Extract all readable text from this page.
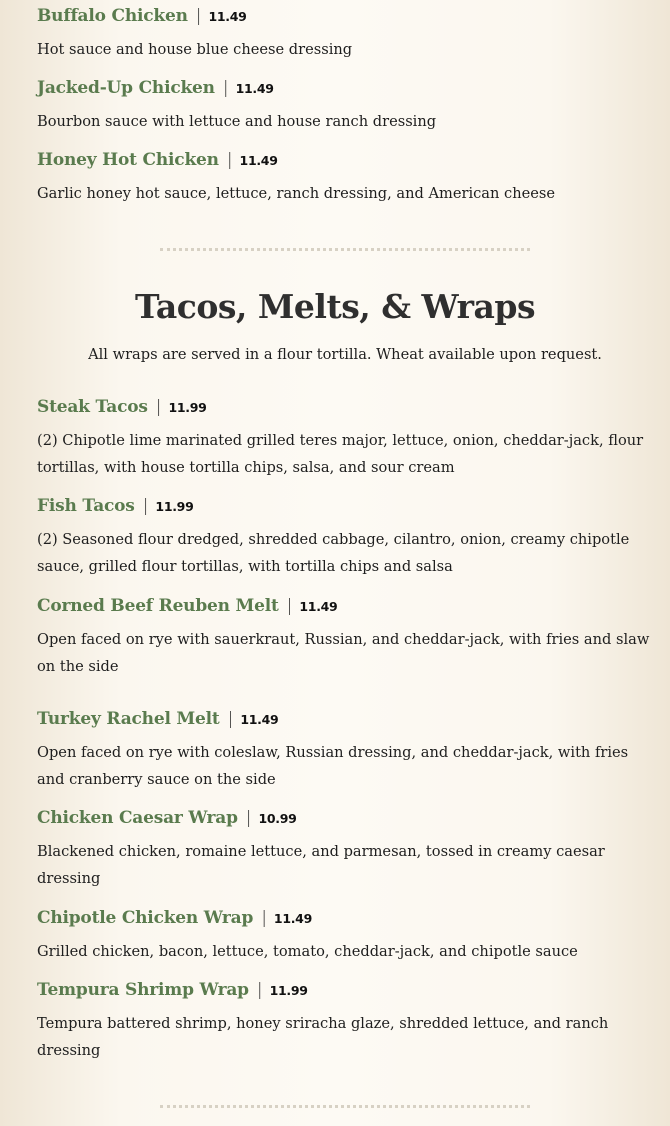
Buffalo Chicken | 11.49
Hot sauce and house blue cheese dressing
Jacked-Up Chicken | 11.49
Bourbon sauce with lettuce and house ranch dressing
Honey Hot Chicken | 11.49
Garlic honey hot sauce, lettuce, ranch dressing, and American cheese
Steak Tacos | 11.99
(2) Chipotle lime marinated grilled teres major, lettuce, onion, cheddar-jack, flour tortillas, with house tortilla chips, salsa, and sour cream
Fish Tacos | 11.99
(2) Seasoned flour dredged, shredded cabbage, cilantro, onion, creamy chipotle sauce, grilled flour tortillas, with tortilla chips and salsa
Corned Beef Reuben Melt | 11.49
Open faced on rye with sauerkraut, Russian, and cheddar-jack, with fries and slaw on the side
Turkey Rachel Melt | 11.49
Open faced on rye with coleslaw, Russian dressing, and cheddar-jack, with fries and cranberry sauce on the side
Chicken Caesar Wrap | 10.99
Blackened chicken, romaine lettuce, and parmesan, tossed in creamy caesar dressing
Chipotle Chicken Wrap | 11.49
Grilled chicken, bacon, lettuce, tomato, cheddar-jack, and chipotle sauce
Tempura Shrimp Wrap | 11.99
Tempura battered shrimp, honey sriracha glaze, shredded lettuce, and ranch dressing
Tacos, Melts, & Wraps
All wraps are served in a flour tortilla. Wheat available upon request.
